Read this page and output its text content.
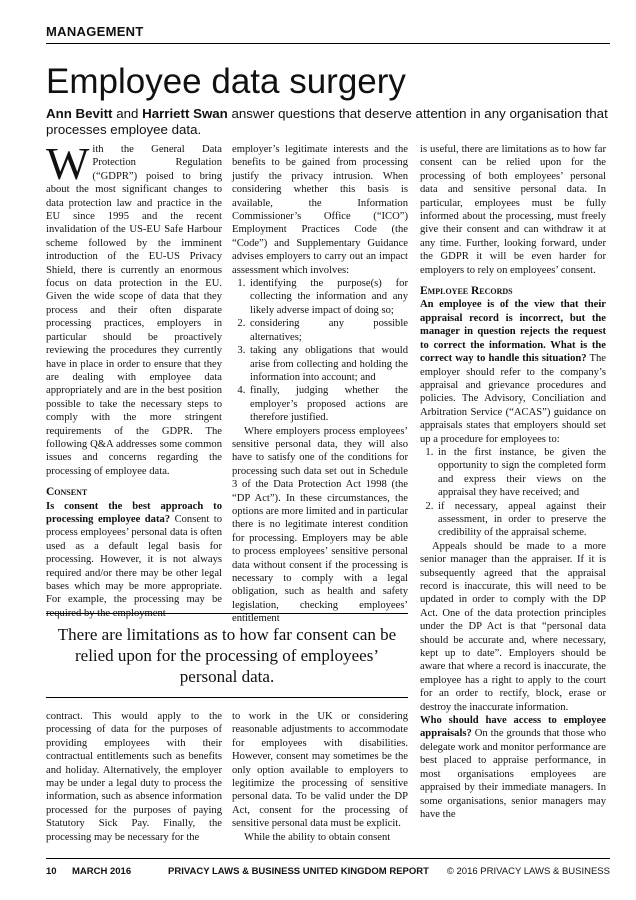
MANAGEMENT
Employee data surgery
Ann Bevitt and Harriett Swan answer questions that deserve attention in any organisation that processes employee data.

With the General Data Protection Regulation (“GDPR”) poised to bring about the most significant changes to data protection law and practice in the EU since 1995 and the recent invalidation of the US-EU Safe Harbour scheme followed by the imminent introduction of the EU-US Privacy Shield, there is currently an enormous focus on data protection in the EU. Given the wide scope of data that they process and their often disparate processing practices, employers in particular should be proactively reviewing the procedures they currently have in place in order to ensure that they are dealing with employee data appropriately and are in the best position possible to take the necessary steps to comply with the more stringent requirements of the GDPR. The following Q&A addresses some common issues and concerns regarding the processing of employee data.

Consent

Is consent the best approach to processing employee data? Consent to process employees’ personal data is often used as a default legal basis for processing. However, it is not always required and/or there may be other legal bases which may be more appropriate. For example, the processing may be required by the employment

employer’s legitimate interests and the benefits to be gained from processing justify the privacy intrusion. When considering whether this basis is available, the Information Commissioner’s Office (“ICO”) Employment Practices Code (the “Code”) and Supplementary Guidance advises employers to carry out an impact assessment which involves:

1. identifying the purpose(s) for collecting the information and any likely adverse impact of doing so;
2. considering any possible alternatives;
3. taking any obligations that would arise from collecting and holding the information into account; and
4. finally, judging whether the employer’s proposed actions are therefore justified.

Where employers process employees’ sensitive personal data, they will also have to satisfy one of the conditions for processing such data set out in Schedule 3 of the Data Protection Act 1998 (the “DP Act”). In these circumstances, the options are more limited and in particular there is no legitimate interest condition for processing. Employers may be able to process employees’ sensitive personal data without consent if the processing is necessary to comply with a legal obligation, such as health and safety legislation, checking employees’ entitlement

is useful, there are limitations as to how far consent can be relied upon for the processing of both employees’ personal data and sensitive personal data. In particular, employees must be fully informed about the processing, must freely give their consent and can withdraw it at any time. Further, looking forward, under the GDPR it will be even harder for employers to rely on employees’ consent.

Employee Records

An employee is of the view that their appraisal record is incorrect, but the manager in question rejects the request to correct the information. What is the correct way to handle this situation? The employer should refer to the company’s appraisal and grievance procedures and policies. The Advisory, Conciliation and Arbitration Service (“ACAS”) guidance on appraisals states that employers should set up a procedure for employees to:

1. in the first instance, be given the opportunity to sign the completed form and express their views on the appraisal they have received; and
2. if necessary, appeal against their assessment, in order to preserve the credibility of the appraisal scheme.

Appeals should be made to a more senior manager than the appraiser. If it is subsequently agreed that the appraisal record is inaccurate, this will need to be updated in order to comply with the DP Act. One of the data protection principles under the DP Act is that “personal data should be accurate and, where necessary, kept up to date”. Employers should be aware that where a record is inaccurate, the employee has a right to apply to the court for an order to rectify, block, erase or destroy the inaccurate information.

Who should have access to employee appraisals? On the grounds that those who delegate work and monitor performance are best placed to appraise performance, in most organisations employees are appraised by their immediate managers. In some organisations, senior managers may have the

There are limitations as to how far consent can be relied upon for the processing of employees’ personal data.

contract. This would apply to the processing of data for the purposes of providing employees with their contractual entitlements such as benefits and holiday. Alternatively, the employer may be under a legal duty to process the information, such as absence information processed for the purposes of paying Statutory Sick Pay. Finally, the processing may be necessary for the

to work in the UK or considering reasonable adjustments to accommodate for employees with disabilities. However, consent may sometimes be the only option available to employers to legitimize the processing of sensitive personal data. To be valid under the DP Act, consent for the processing of sensitive personal data must be explicit.

While the ability to obtain consent

10 MARCH 2016	PRIVACY LAWS & BUSINESS UNITED KINGDOM REPORT © 2016 PRIVACY LAWS & BUSINESS
